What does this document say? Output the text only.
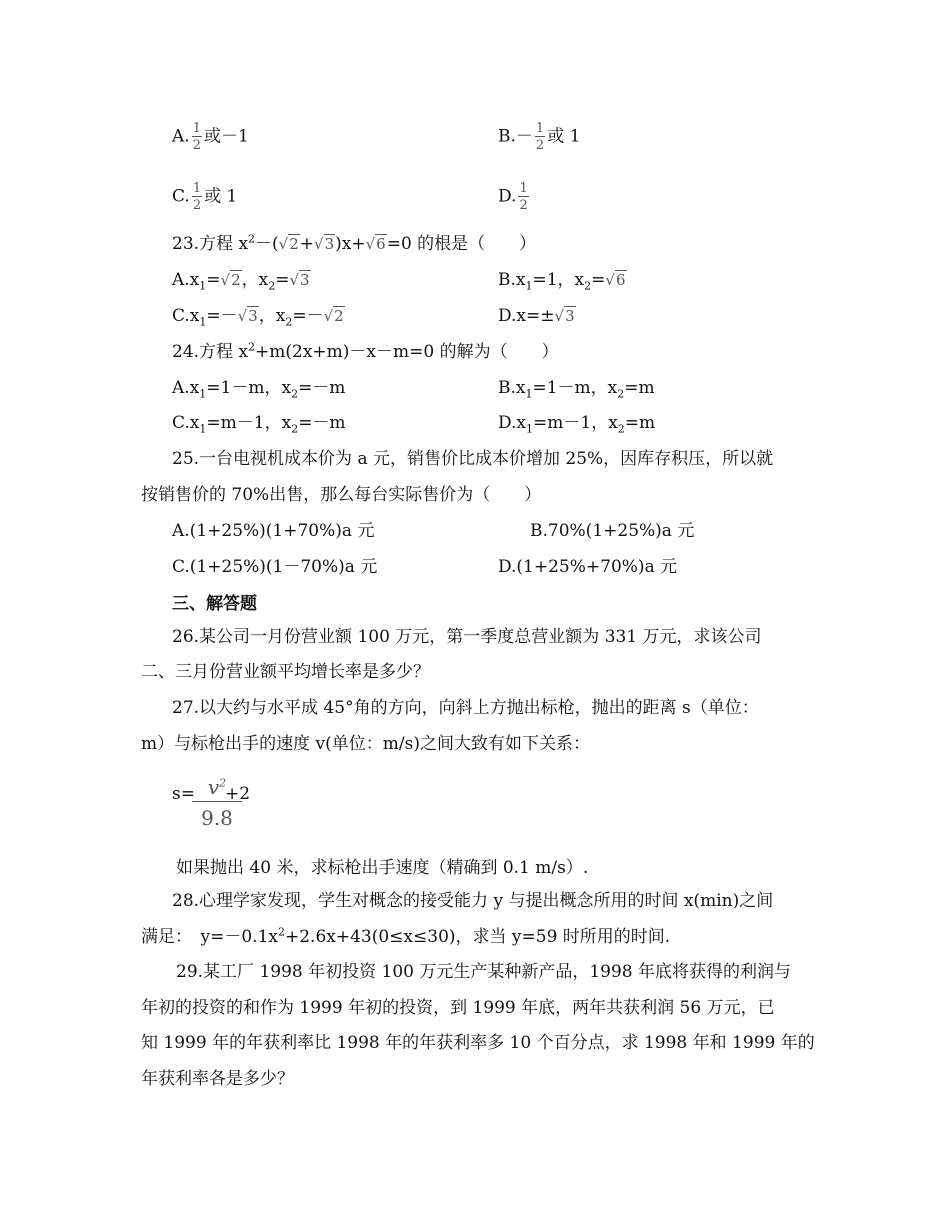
A. $\frac{1}{2}$ 或－1	$B.- \frac{1}{2}$ 或 1
C. $\frac{1}{2}$ 或 1	D. $\frac{1}{2}$
23.方程 $x^2-(√2+√3)x+√6=0$ 的根是（　　）
$A.x_1=√2$，$x_2=√3$	$B.x_1=1$，$x_2=√6$
$C.x_1=-√3$，$x_2=-√2$	D.x=±√3
24.方程 $x^2+m(2x+m)-x-m=0$ 的解为（　　）
$A.x_1=1-m$，$x_2=-m$	$B.x_1=1-m$，$x_2=m$
$C.x_1=m-1$，$x_2=-m$	$D.x_1=m-1$，$x_2=m$
25.一台电视机成本价为 a 元，销售价比成本价增加 25%，因库存积压，所以就
按销售价的 70%出售，那么每台实际售价为（　　）
A.(1+25%)(1+70%)a 元	B.70%(1+25%)a 元
C.(1+25%)(1－70%)a 元	D.(1+25%+70%)a 元
三、解答题
26.某公司一月份营业额 100 万元，第一季度总营业额为 331 万元，求该公司
二、三月份营业额平均增长率是多少？
27.以大约与水平成 45°角的方向，向斜上方抛出标枪，抛出的距离 s（单位：
m）与标枪出手的速度 v(单位：m/s)之间大致有如下关系：
s=
$\frac{v^2}{9.8}$
+2
如果抛出 40 米，求标枪出手速度（精确到 0.1 m/s）.
28.心理学家发现，学生对概念的接受能力 y 与提出概念所用的时间 x(min)之间
满足：　$y=-0.1x^2+2.6x+43(0\le x\le 30)$，求当 y=59 时所用的时间.
29.某工厂 1998 年初投资 100 万元生产某种新产品，1998 年底将获得的利润与
年初的投资的和作为 1999 年初的投资，到 1999 年底，两年共获利润 56 万元，已
知 1999 年的年获利率比 1998 年的年获利率多 10 个百分点，求 1998 年和 1999 年的
年获利率各是多少？
